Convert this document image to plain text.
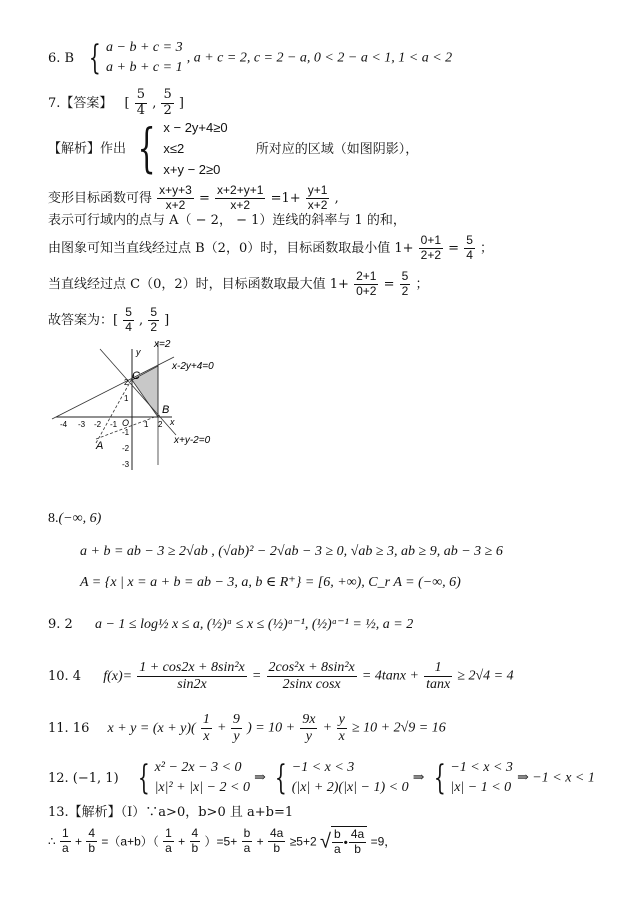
6. B { a − b + c = 3
a + b + c = 1
, a + c = 2, c = 2 − a, 0 < 2 − a < 1, 1 < a < 2
7.【答案】 [ $\frac{5}{4}$ , $\frac{5}{2}$ ]
【解析】作出 { x − 2y+4≥0
x≤2
x+y − 2≥0
所对应的区域（如图阴影），
变形目标函数可得 $\frac{x+y+3}{x+2} = \frac{x+2+y+1}{x+2} =1+ \frac{y+1}{x+2}$ ,
表示可行域内的点与 A（ − 2， − 1）连线的斜率与 1 的和，
由图象可知当直线经过点 B（2，0）时，目标函数取最小值 $1+ \frac{0+1}{2+2} = \frac{5}{4}$ ；
当直线经过点 C（0，2）时，目标函数取最大值 $1+ \frac{2+1}{0+2} = \frac{5}{2}$ ；
故答案为：[ $\frac{5}{4}$ , $\frac{5}{2}$ ]
y
x
x=2
x-2y+4=0
x+y-2=0
C
B
A
O
-4 -3 -2 -1	1 2
2
1
-1
-2
-3
8.(−∞, 6)
a + b = ab − 3 ≥ 2√ab , (√ab)² − 2√ab − 3 ≥ 0, √ab ≥ 3, ab ≥ 9, ab − 3 ≥ 6
A = {x | x = a + b = ab − 3, a, b ∈ R⁺} = [6, +∞), C_r A = (−∞, 6)
9. 2 a − 1 ≤ log½ x ≤ a, (½)ᵃ ≤ x ≤ (½)ᵃ⁻¹, (½)ᵃ⁻¹ = ½, a = 2
10. 4 $f(x)= \frac{\text{1 + cos2x + 8sin²x}}{\sin 2x} = \frac{\text{2cos²x + 8sin²x}}{\text{2sinx cosx}} = 4\tan x + \frac{1}{\tan x} \ge 2√4 = 4$
11. 16 $x + y = (x + y)( \frac{1}{x} + \frac{9}{y}$ ) = $10 + \frac{9x}{y} + \frac{y}{x} \ge 10 + 2√9 = 16$
12. (−1, 1) { x² − 2x − 3 < 0
|x|² + |x| − 2 < 0
⇒ { −1 < x < 3
(|x| + 2)(|x| − 1) < 0
⇒ { −1 < x < 3
|x| − 1 < 0
⇒ −1 < x < 1
13.【解析】（Ⅰ）∵a>0，b>0 且 a+b=1
∴ $\frac{1}{a} + \frac{4}{b} =(a+b)( \frac{1}{a} + \frac{4}{b} )=5+ \frac{b}{a} + \frac{4a}{b} \ge 5+2$ √ $\frac{b}{a}$ • $\frac{4a}{b} =9$，
